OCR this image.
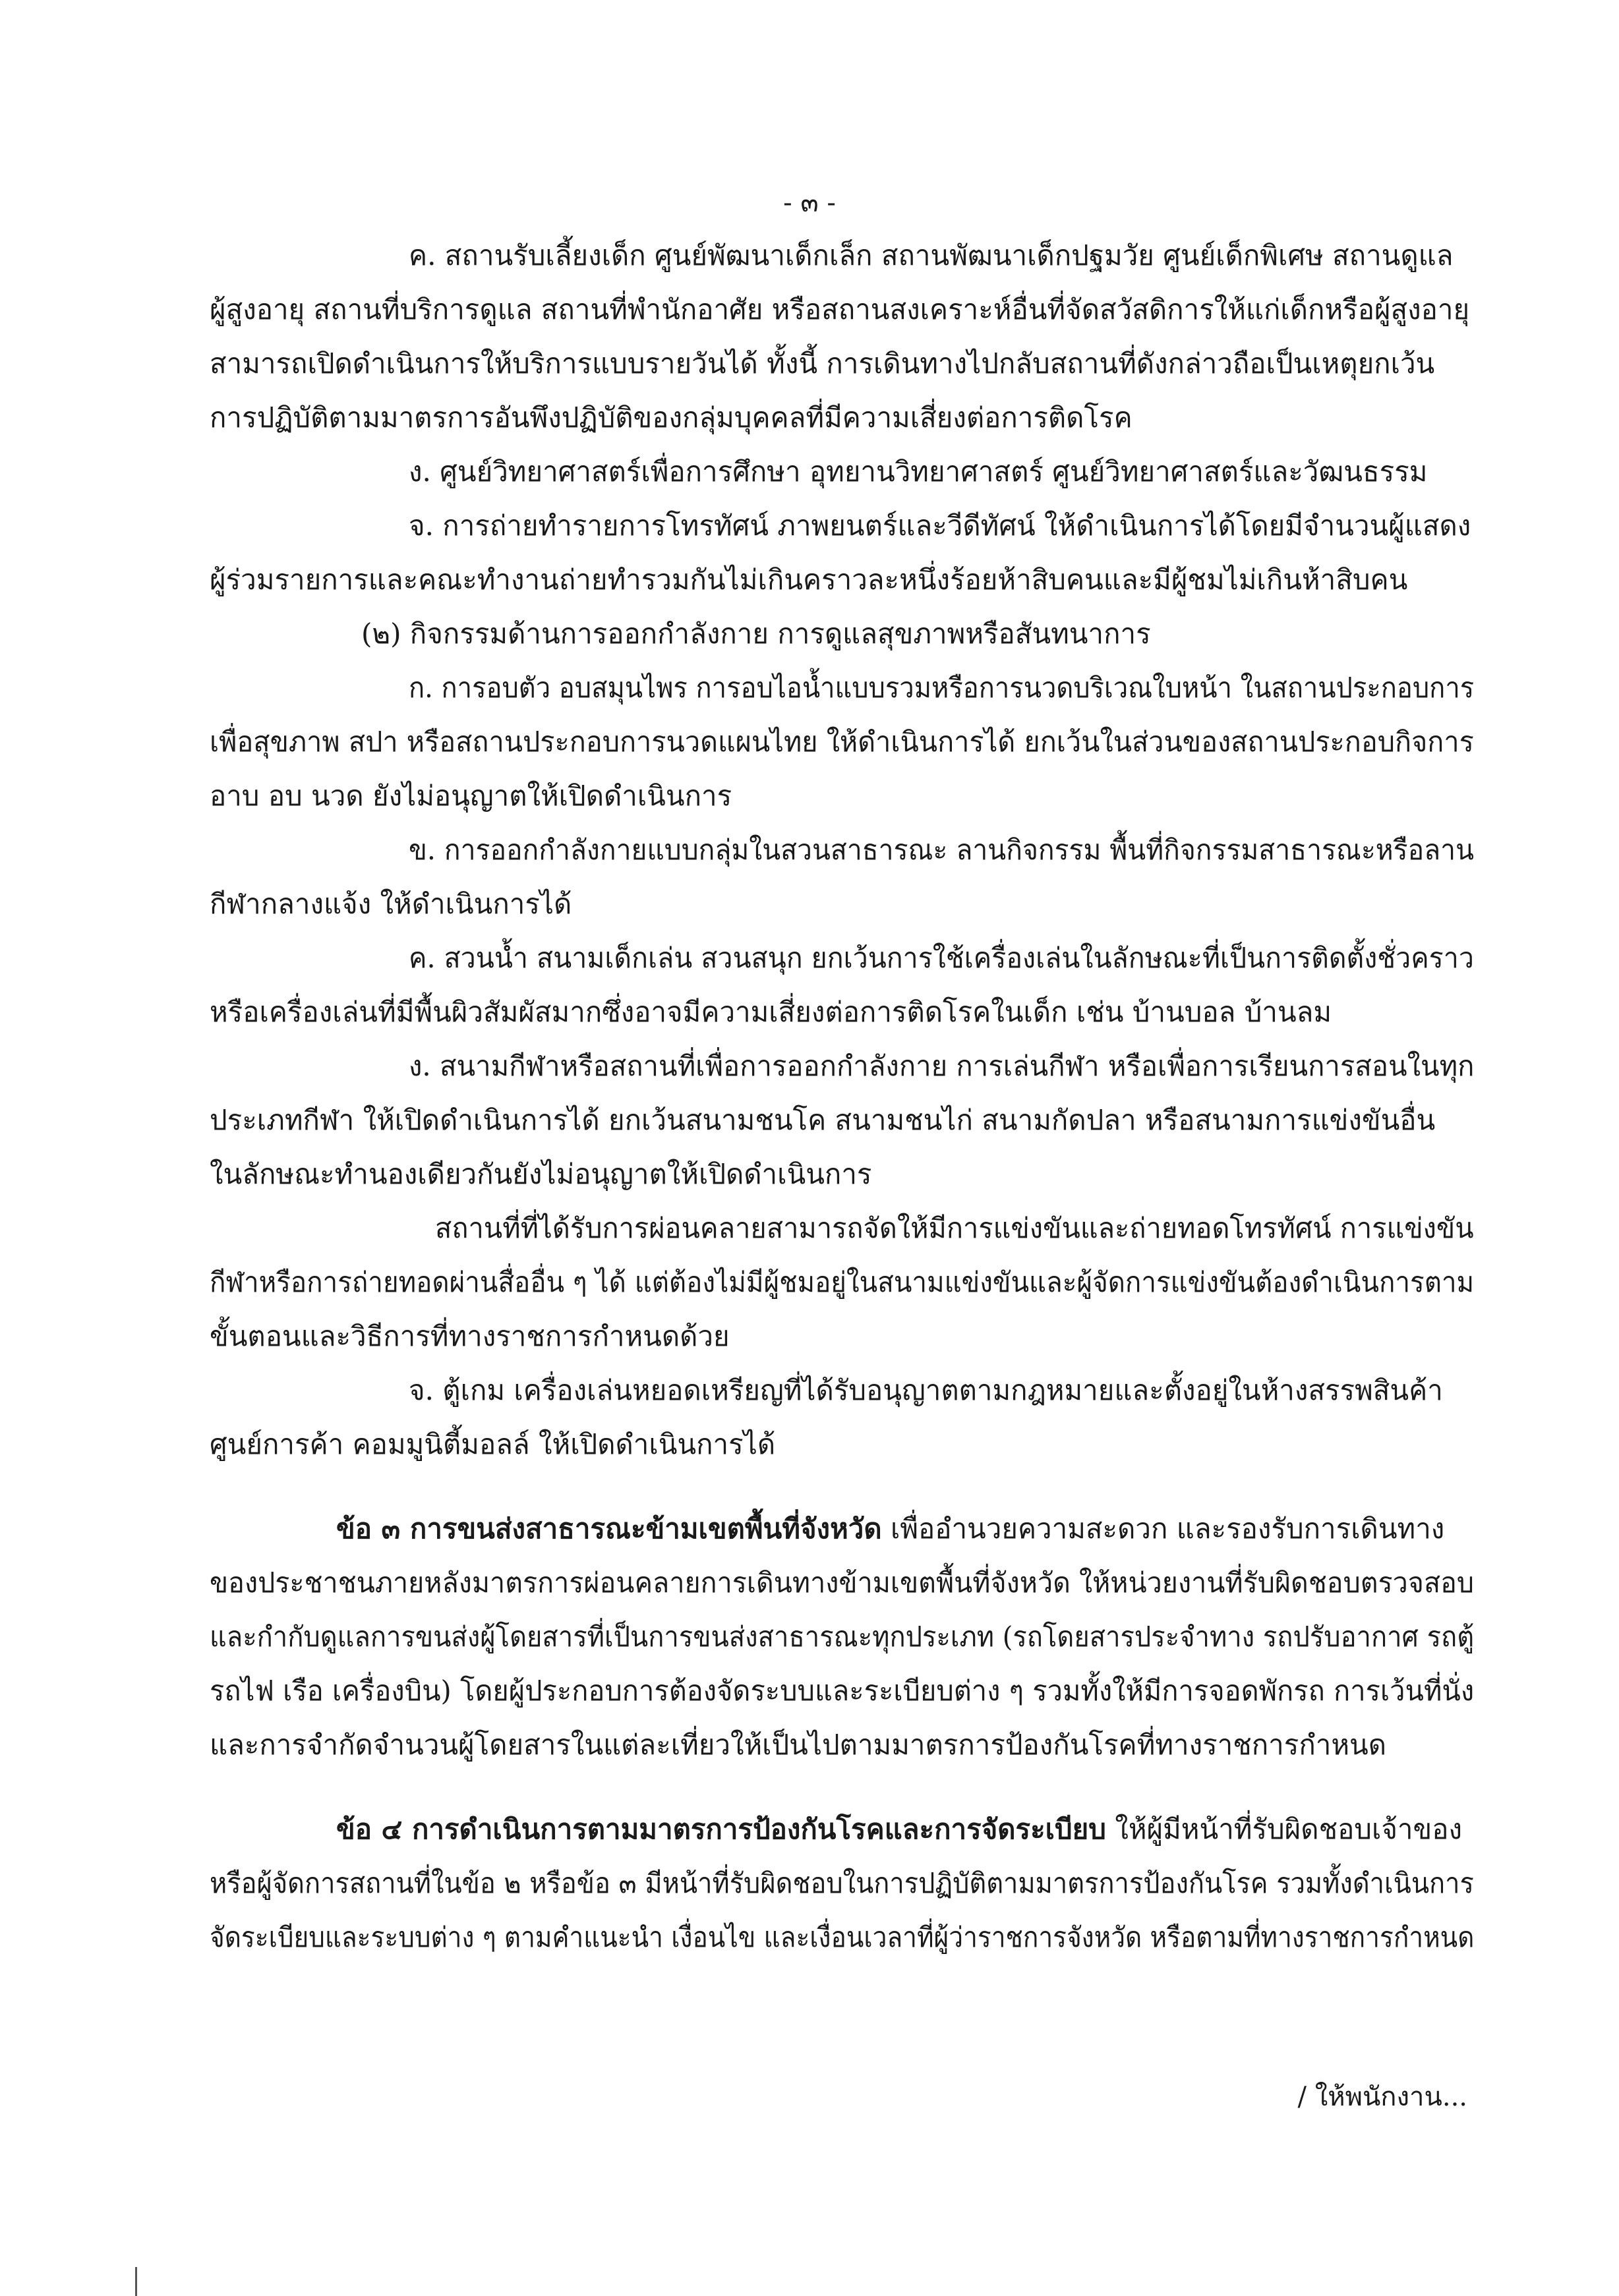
- ๓ -
ค. สถานรับเลี้ยงเด็ก ศูนย์พัฒนาเด็กเล็ก สถานพัฒนาเด็กปฐมวัย ศูนย์เด็กพิเศษ สถานดูแล
ผู้สูงอายุ สถานที่บริการดูแล สถานที่พำนักอาศัย หรือสถานสงเคราะห์อื่นที่จัดสวัสดิการให้แก่เด็กหรือผู้สูงอายุ
สามารถเปิดดำเนินการให้บริการแบบรายวันได้ ทั้งนี้ การเดินทางไปกลับสถานที่ดังกล่าวถือเป็นเหตุยกเว้น
การปฏิบัติตามมาตรการอันพึงปฏิบัติของกลุ่มบุคคลที่มีความเสี่ยงต่อการติดโรค
ง. ศูนย์วิทยาศาสตร์เพื่อการศึกษา อุทยานวิทยาศาสตร์ ศูนย์วิทยาศาสตร์และวัฒนธรรม
จ. การถ่ายทำรายการโทรทัศน์ ภาพยนตร์และวีดีทัศน์ ให้ดำเนินการได้โดยมีจำนวนผู้แสดง
ผู้ร่วมรายการและคณะทำงานถ่ายทำรวมกันไม่เกินคราวละหนึ่งร้อยห้าสิบคนและมีผู้ชมไม่เกินห้าสิบคน
(๒) กิจกรรมด้านการออกกำลังกาย การดูแลสุขภาพหรือสันทนาการ
ก. การอบตัว อบสมุนไพร การอบไอน้ำแบบรวมหรือการนวดบริเวณใบหน้า ในสถานประกอบการ
เพื่อสุขภาพ สปา หรือสถานประกอบการนวดแผนไทย ให้ดำเนินการได้ ยกเว้นในส่วนของสถานประกอบกิจการ
อาบ อบ นวด ยังไม่อนุญาตให้เปิดดำเนินการ
ข. การออกกำลังกายแบบกลุ่มในสวนสาธารณะ ลานกิจกรรม พื้นที่กิจกรรมสาธารณะหรือลาน
กีฬากลางแจ้ง ให้ดำเนินการได้
ค. สวนน้ำ สนามเด็กเล่น สวนสนุก ยกเว้นการใช้เครื่องเล่นในลักษณะที่เป็นการติดตั้งชั่วคราว
หรือเครื่องเล่นที่มีพื้นผิวสัมผัสมากซึ่งอาจมีความเสี่ยงต่อการติดโรคในเด็ก เช่น บ้านบอล บ้านลม
ง. สนามกีฬาหรือสถานที่เพื่อการออกกำลังกาย การเล่นกีฬา หรือเพื่อการเรียนการสอนในทุก
ประเภทกีฬา ให้เปิดดำเนินการได้ ยกเว้นสนามชนโค สนามชนไก่ สนามกัดปลา หรือสนามการแข่งขันอื่น
ในลักษณะทำนองเดียวกันยังไม่อนุญาตให้เปิดดำเนินการ
สถานที่ที่ได้รับการผ่อนคลายสามารถจัดให้มีการแข่งขันและถ่ายทอดโทรทัศน์ การแข่งขัน
กีฬาหรือการถ่ายทอดผ่านสื่ออื่น ๆ ได้ แต่ต้องไม่มีผู้ชมอยู่ในสนามแข่งขันและผู้จัดการแข่งขันต้องดำเนินการตาม
ขั้นตอนและวิธีการที่ทางราชการกำหนดด้วย
จ. ตู้เกม เครื่องเล่นหยอดเหรียญที่ได้รับอนุญาตตามกฎหมายและตั้งอยู่ในห้างสรรพสินค้า
ศูนย์การค้า คอมมูนิตี้มอลล์ ให้เปิดดำเนินการได้
ข้อ ๓ การขนส่งสาธารณะข้ามเขตพื้นที่จังหวัด เพื่ออำนวยความสะดวก และรองรับการเดินทาง
ของประชาชนภายหลังมาตรการผ่อนคลายการเดินทางข้ามเขตพื้นที่จังหวัด ให้หน่วยงานที่รับผิดชอบตรวจสอบ
และกำกับดูแลการขนส่งผู้โดยสารที่เป็นการขนส่งสาธารณะทุกประเภท (รถโดยสารประจำทาง รถปรับอากาศ รถตู้
รถไฟ เรือ เครื่องบิน) โดยผู้ประกอบการต้องจัดระบบและระเบียบต่าง ๆ รวมทั้งให้มีการจอดพักรถ การเว้นที่นั่ง
และการจำกัดจำนวนผู้โดยสารในแต่ละเที่ยวให้เป็นไปตามมาตรการป้องกันโรคที่ทางราชการกำหนด
ข้อ ๔ การดำเนินการตามมาตรการป้องกันโรคและการจัดระเบียบ ให้ผู้มีหน้าที่รับผิดชอบเจ้าของ
หรือผู้จัดการสถานที่ในข้อ ๒ หรือข้อ ๓ มีหน้าที่รับผิดชอบในการปฏิบัติตามมาตรการป้องกันโรค รวมทั้งดำเนินการ
จัดระเบียบและระบบต่าง ๆ ตามคำแนะนำ เงื่อนไข และเงื่อนเวลาที่ผู้ว่าราชการจังหวัด หรือตามที่ทางราชการกำหนด
/ ให้พนักงาน...
